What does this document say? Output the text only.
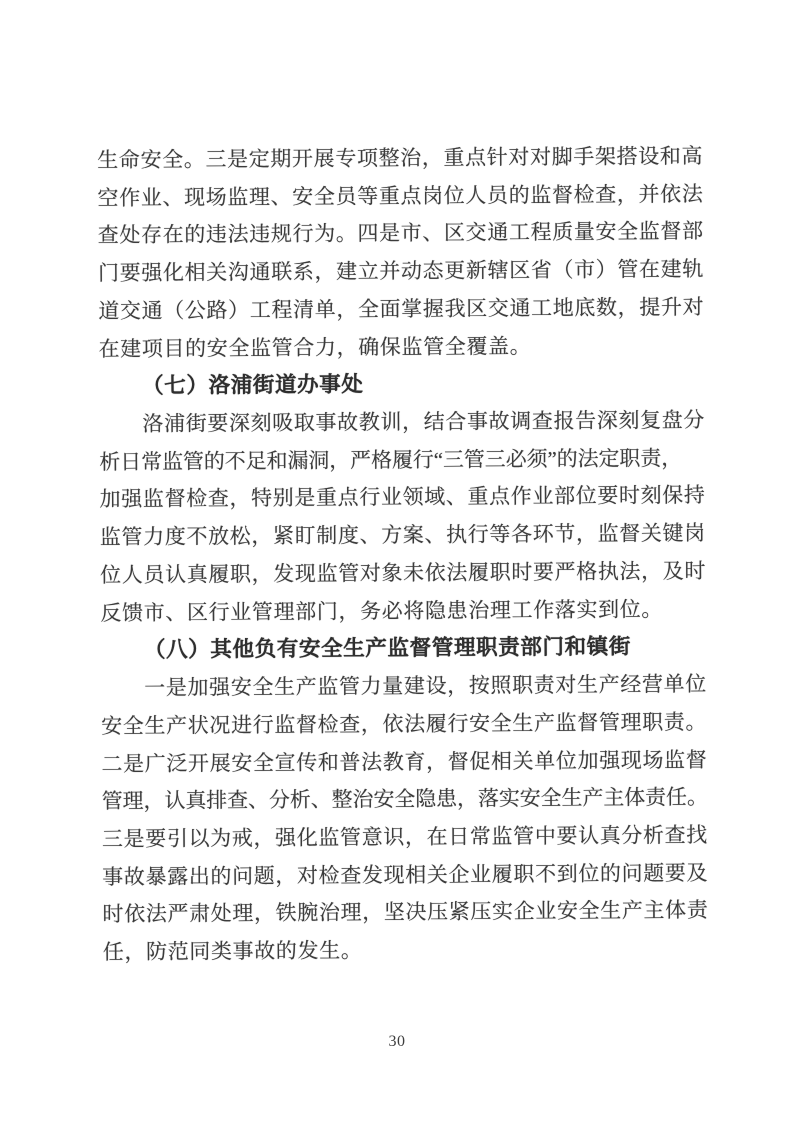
生命安全。三是定期开展专项整治，重点针对对脚手架搭设和高
空作业、现场监理、安全员等重点岗位人员的监督检查，并依法
查处存在的违法违规行为。四是市、区交通工程质量安全监督部
门要强化相关沟通联系，建立并动态更新辖区省（市）管在建轨
道交通（公路）工程清单，全面掌握我区交通工地底数，提升对
在建项目的安全监管合力，确保监管全覆盖。
（七）洛浦街道办事处
洛浦街要深刻吸取事故教训，结合事故调查报告深刻复盘分
析日常监管的不足和漏洞，严格履行“三管三必须”的法定职责，
加强监督检查，特别是重点行业领域、重点作业部位要时刻保持
监管力度不放松，紧盯制度、方案、执行等各环节，监督关键岗
位人员认真履职，发现监管对象未依法履职时要严格执法，及时
反馈市、区行业管理部门，务必将隐患治理工作落实到位。
（八）其他负有安全生产监督管理职责部门和镇街
一是加强安全生产监管力量建设，按照职责对生产经营单位
安全生产状况进行监督检查，依法履行安全生产监督管理职责。
二是广泛开展安全宣传和普法教育，督促相关单位加强现场监督
管理，认真排查、分析、整治安全隐患，落实安全生产主体责任。
三是要引以为戒，强化监管意识，在日常监管中要认真分析查找
事故暴露出的问题，对检查发现相关企业履职不到位的问题要及
时依法严肃处理，铁腕治理，坚决压紧压实企业安全生产主体责
任，防范同类事故的发生。
30
